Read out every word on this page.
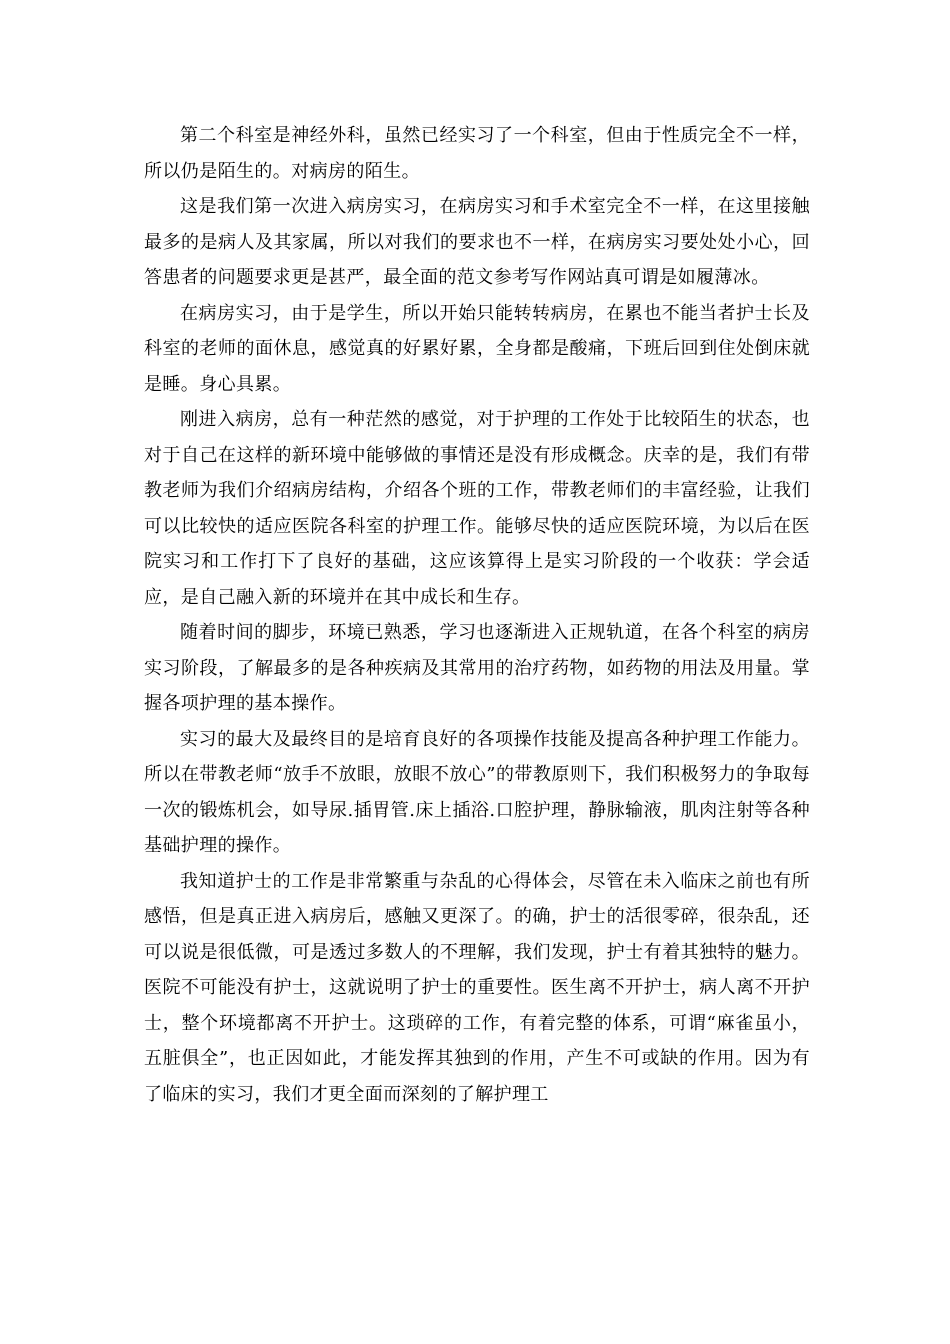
第二个科室是神经外科，虽然已经实习了一个科室，但由于性质完全不一样，所以仍是陌生的。对病房的陌生。

这是我们第一次进入病房实习，在病房实习和手术室完全不一样，在这里接触最多的是病人及其家属，所以对我们的要求也不一样，在病房实习要处处小心，回答患者的问题要求更是甚严，最全面的范文参考写作网站真可谓是如履薄冰。

在病房实习，由于是学生，所以开始只能转转病房，在累也不能当者护士长及科室的老师的面休息，感觉真的好累好累，全身都是酸痛，下班后回到住处倒床就是睡。身心具累。

刚进入病房，总有一种茫然的感觉，对于护理的工作处于比较陌生的状态，也对于自己在这样的新环境中能够做的事情还是没有形成概念。庆幸的是，我们有带教老师为我们介绍病房结构，介绍各个班的工作，带教老师们的丰富经验，让我们可以比较快的适应医院各科室的护理工作。能够尽快的适应医院环境，为以后在医院实习和工作打下了良好的基础，这应该算得上是实习阶段的一个收获：学会适应，是自己融入新的环境并在其中成长和生存。

随着时间的脚步，环境已熟悉，学习也逐渐进入正规轨道，在各个科室的病房实习阶段，了解最多的是各种疾病及其常用的治疗药物，如药物的用法及用量。掌握各项护理的基本操作。

实习的最大及最终目的是培育良好的各项操作技能及提高各种护理工作能力。所以在带教老师“放手不放眼，放眼不放心”的带教原则下，我们积极努力的争取每一次的锻炼机会，如导尿.插胃管.床上插浴.口腔护理，静脉输液，肌肉注射等各种基础护理的操作。

我知道护士的工作是非常繁重与杂乱的心得体会，尽管在未入临床之前也有所感悟，但是真正进入病房后，感触又更深了。的确，护士的活很零碎，很杂乱，还可以说是很低微，可是透过多数人的不理解，我们发现，护士有着其独特的魅力。医院不可能没有护士，这就说明了护士的重要性。医生离不开护士，病人离不开护士，整个环境都离不开护士。这琐碎的工作，有着完整的体系，可谓“麻雀虽小，五脏俱全”，也正因如此，才能发挥其独到的作用，产生不可或缺的作用。因为有了临床的实习，我们才更全面而深刻的了解护理工
